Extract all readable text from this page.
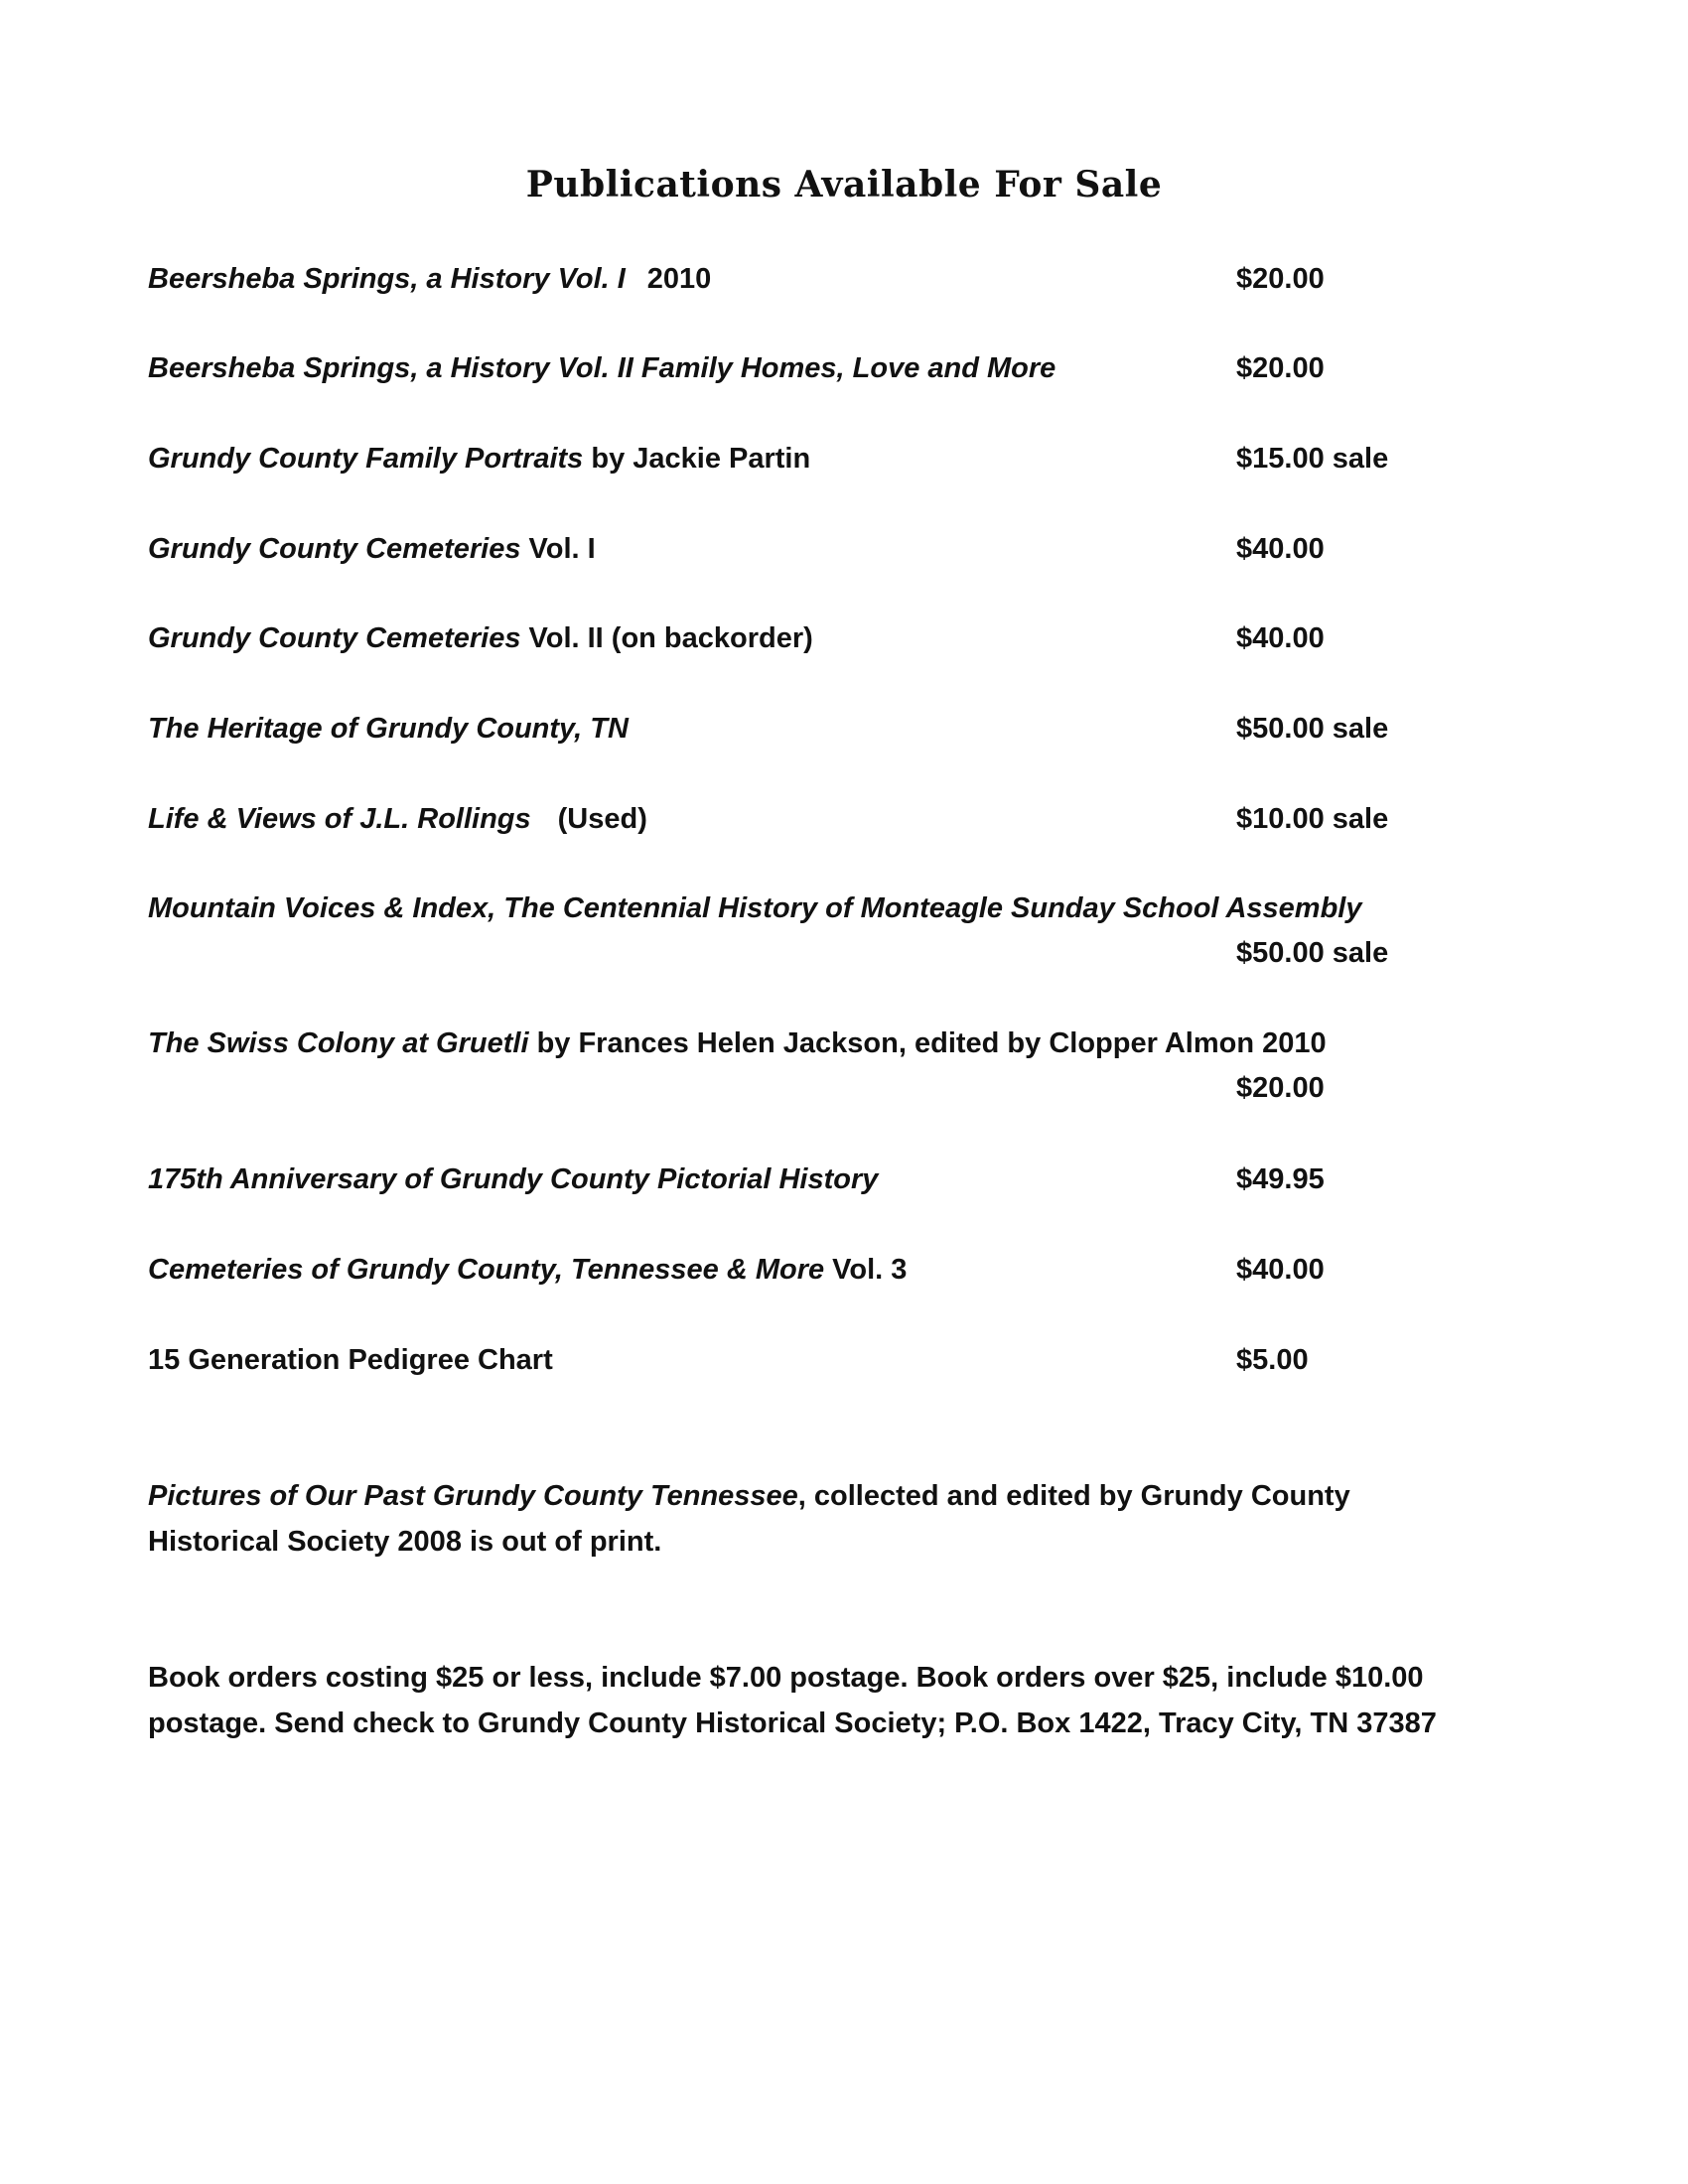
Publications Available For Sale
Beersheba Springs, a History Vol. I 2010	$20.00
Beersheba Springs, a History Vol. II Family Homes, Love and More	$20.00
Grundy County Family Portraits by Jackie Partin	$15.00 sale
Grundy County Cemeteries Vol. I	$40.00
Grundy County Cemeteries Vol. II (on backorder)	$40.00
The Heritage of Grundy County, TN	$50.00 sale
Life & Views of J.L. Rollings (Used)	$10.00 sale
Mountain Voices & Index, The Centennial History of Monteagle Sunday School Assembly
$50.00 sale
The Swiss Colony at Gruetli by Frances Helen Jackson, edited by Clopper Almon 2010
$20.00
175th Anniversary of Grundy County Pictorial History	$49.95
Cemeteries of Grundy County, Tennessee & More Vol. 3	$40.00
15 Generation Pedigree Chart	$5.00
Pictures of Our Past Grundy County Tennessee, collected and edited by Grundy County Historical Society 2008 is out of print.
Book orders costing $25 or less, include $7.00 postage. Book orders over $25, include $10.00 postage. Send check to Grundy County Historical Society; P.O. Box 1422, Tracy City, TN 37387
